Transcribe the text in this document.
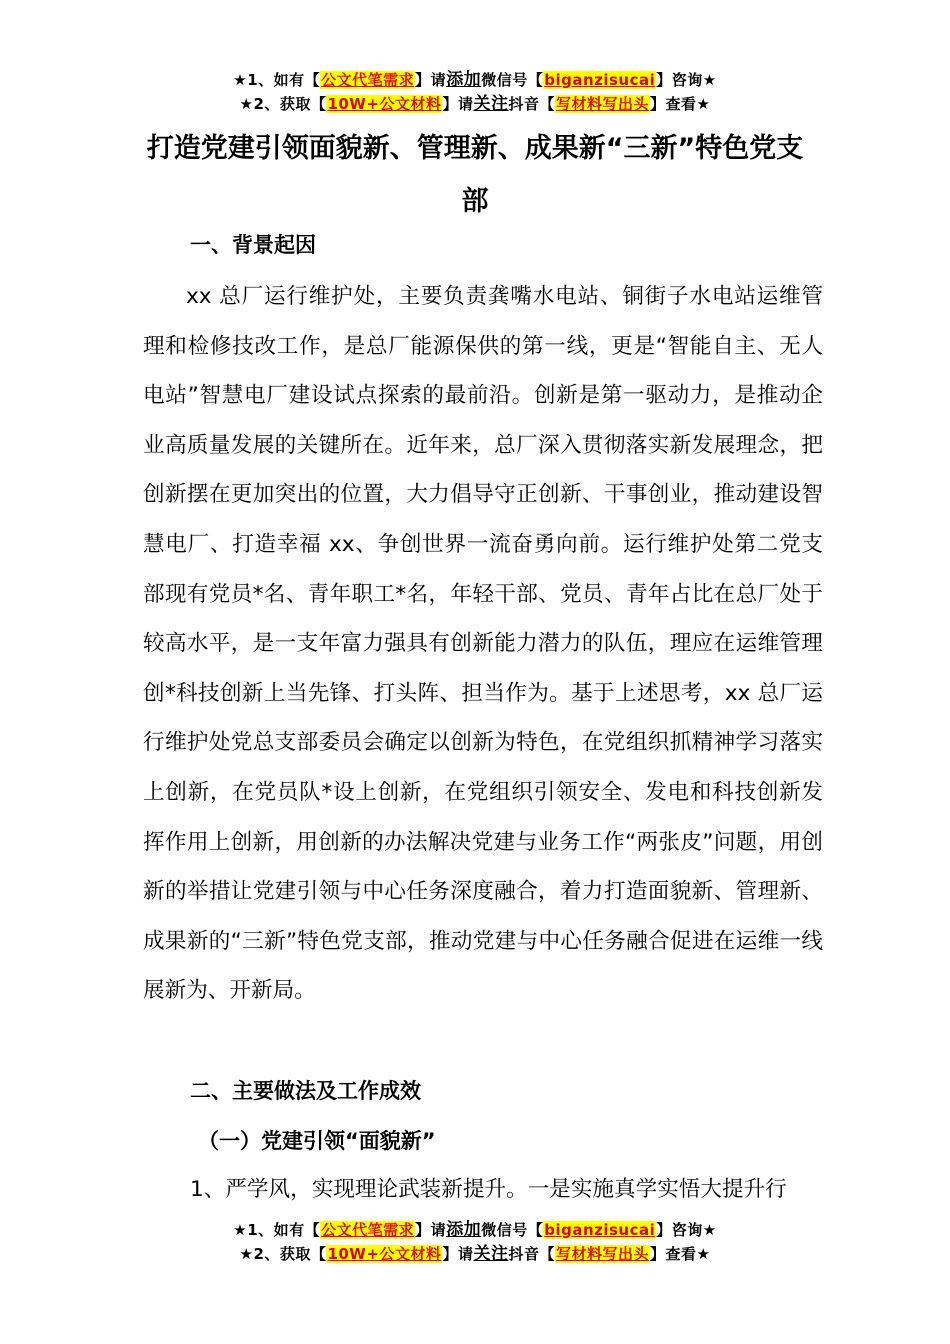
★1、如有【公文代笔需求】请添加微信号【biganzisucai】咨询★
★2、获取【10W+公文材料】请关注抖音【写材料写出头】查看★
打造党建引领面貌新、管理新、成果新“三新”特色党支部
一、背景起因

xx 总厂运行维护处，主要负责龚嘴水电站、铜街子水电站运维管理和检修技改工作，是总厂能源保供的第一线，更是“智能自主、无人电站”智慧电厂建设试点探索的最前沿。创新是第一驱动力，是推动企业高质量发展的关键所在。近年来，总厂深入贯彻落实新发展理念，把创新摆在更加突出的位置，大力倡导守正创新、干事创业，推动建设智慧电厂、打造幸福 xx、争创世界一流奋勇向前。运行维护处第二党支部现有党员*名、青年职工*名，年轻干部、党员、青年占比在总厂处于较高水平，是一支年富力强具有创新能力潜力的队伍，理应在运维管理创*科技创新上当先锋、打头阵、担当作为。基于上述思考，xx 总厂运行维护处党总支部委员会确定以创新为特色，在党组织抓精神学习落实上创新，在党员队*设上创新，在党组织引领安全、发电和科技创新发挥作用上创新，用创新的办法解决党建与业务工作“两张皮”问题，用创新的举措让党建引领与中心任务深度融合，着力打造面貌新、管理新、成果新的“三新”特色党支部，推动党建与中心任务融合促进在运维一线展新为、开新局。

二、主要做法及工作成效
（一）党建引领“面貌新”
1、严学风，实现理论武装新提升。一是实施真学实悟大提升行
★1、如有【公文代笔需求】请添加微信号【biganzisucai】咨询★
★2、获取【10W+公文材料】请关注抖音【写材料写出头】查看★
